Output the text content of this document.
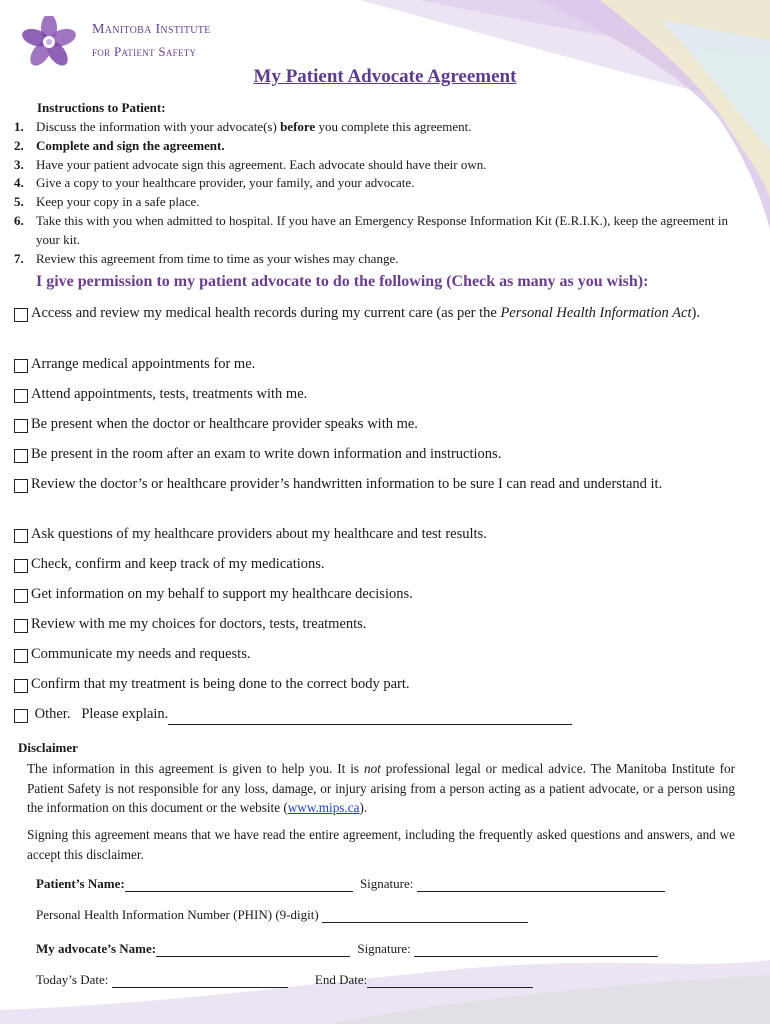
Manitoba Institute
for Patient Safety
My Patient Advocate Agreement
Instructions to Patient:
1. Discuss the information with your advocate(s) before you complete this agreement.
2. Complete and sign the agreement.
3. Have your patient advocate sign this agreement. Each advocate should have their own.
4. Give a copy to your healthcare provider, your family, and your advocate.
5. Keep your copy in a safe place.
6. Take this with you when admitted to hospital. If you have an Emergency Response Information Kit (E.R.I.K.), keep the agreement in your kit.
7. Review this agreement from time to time as your wishes may change.
I give permission to my patient advocate to do the following (Check as many as you wish):
Access and review my medical health records during my current care (as per the Personal Health Information Act).
Arrange medical appointments for me.
Attend appointments, tests, treatments with me.
Be present when the doctor or healthcare provider speaks with me.
Be present in the room after an exam to write down information and instructions.
Review the doctor’s or healthcare provider’s handwritten information to be sure I can read and understand it.
Ask questions of my healthcare providers about my healthcare and test results.
Check, confirm and keep track of my medications.
Get information on my behalf to support my healthcare decisions.
Review with me my choices for doctors, tests, treatments.
Communicate my needs and requests.
Confirm that my treatment is being done to the correct body part.
Other.   Please explain.
Disclaimer
The information in this agreement is given to help you. It is not professional legal or medical advice. The Manitoba Institute for Patient Safety is not responsible for any loss, damage, or injury arising from a person acting as a patient advocate, or a person using the information on this document or the website (www.mips.ca).
Signing this agreement means that we have read the entire agreement, including the frequently asked questions and answers, and we accept this disclaimer.
Patient’s Name:	Signature:
Personal Health Information Number (PHIN) (9-digit)
My advocate’s Name:	Signature:
Today’s Date:	End Date:
